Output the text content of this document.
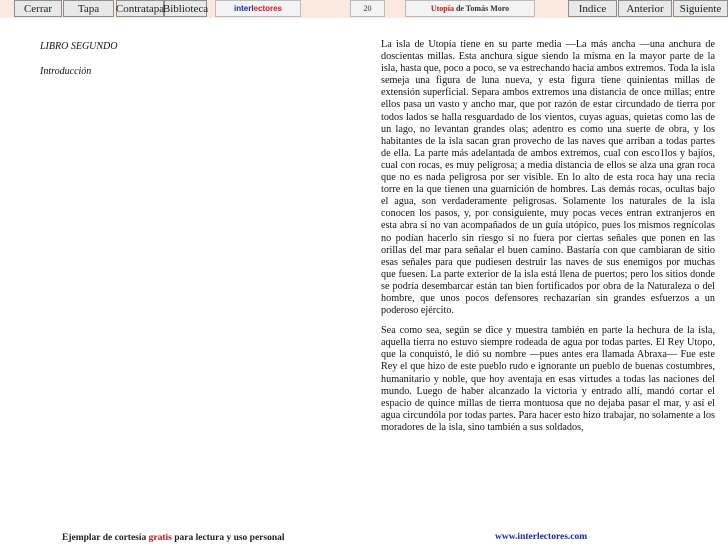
Cerrar	Tapa	Contratapa
Biblioteca	interl ectores	20	Utopía
de Tomás Moro	Indice	Anterior	Siguiente
LIBRO SEGUNDO
Introducción

La isla de Utopía tiene en su parte media —La más ancha —una anchura de doscientas millas. Esta anchura sigue siendo la misma en la mayor parte de la isla, hasta que, poco a poco, se va estrechando hacia ambos extremos. Toda la isla semeja una figura de luna nueva, y esta figura tiene quinientas millas de extensión superficial. Separa ambos extremos una distancia de once millas; entre ellos pasa un vasto y ancho mar, que por razón de estar circundado de tierra por todos lados se halla resguardado de los vientos, cuyas aguas, quietas como las de un lago, no levantan grandes olas; adentro es como una suerte de obra, y los habitantes de la isla sacan gran provecho de las naves que arriban a todas partes de ella. La parte más adelantada de ambos extremos, cual con esco1los y bajíos, cual con rocas, es muy peligrosa; a media distancia de ellos se alza una gran roca que no es nada peligrosa por ser visible. En lo alto de esta roca hay una recia torre en la que tienen una guarnición de hombres. Las demás rocas, ocultas bajo el agua, son verdaderamente peligrosas. Solamente los naturales de la isla conocen los pasos, y, por consiguiente, muy pocas veces entran extranjeros en esta abra si no van acompañados de un guía utópico, pues los mismos regnícolas no podían hacerlo sin riesgo si no fuera por ciertas señales que ponen en las orillas del mar para señalar el buen camino. Bastaría con que cambiaran de sitio esas señales para que pudiesen destruir las naves de sus enemigos por muchas que fuesen. La parte exterior de la isla está llena de puertos; pero los sitios donde se podría desembarcar están tan bien fortificados por obra de la Naturaleza o del hombre, que unos pocos defensores rechazarían sin grandes esfuerzos a un poderoso ejército.

Sea como sea, según se dice y muestra también en parte la hechura de la isla, aquella tierra no estuvo siempre rodeada de agua por todas partes. El Rey Utopo, que la conquistó, le dió su nombre —pues antes era llamada Abraxa— Fue este Rey el que hizo de este pueblo rudo e ignorante un pueblo de buenas costumbres, humanitario y noble, que hoy aventaja en esas virtudes a todas las naciones del mundo. Luego de haber alcanzado la victoria y entrado allí, mandó cortar el espacio de quince millas de tierra montuosa que no dejaba pasar el mar, y así el agua circundóla por todas partes. Para hacer esto hizo trabajar, no solamente a los moradores de la isla, sino también a sus soldados,

Ejemplar de cortesía gratis para lectura y uso personal	www.interlectores.com
